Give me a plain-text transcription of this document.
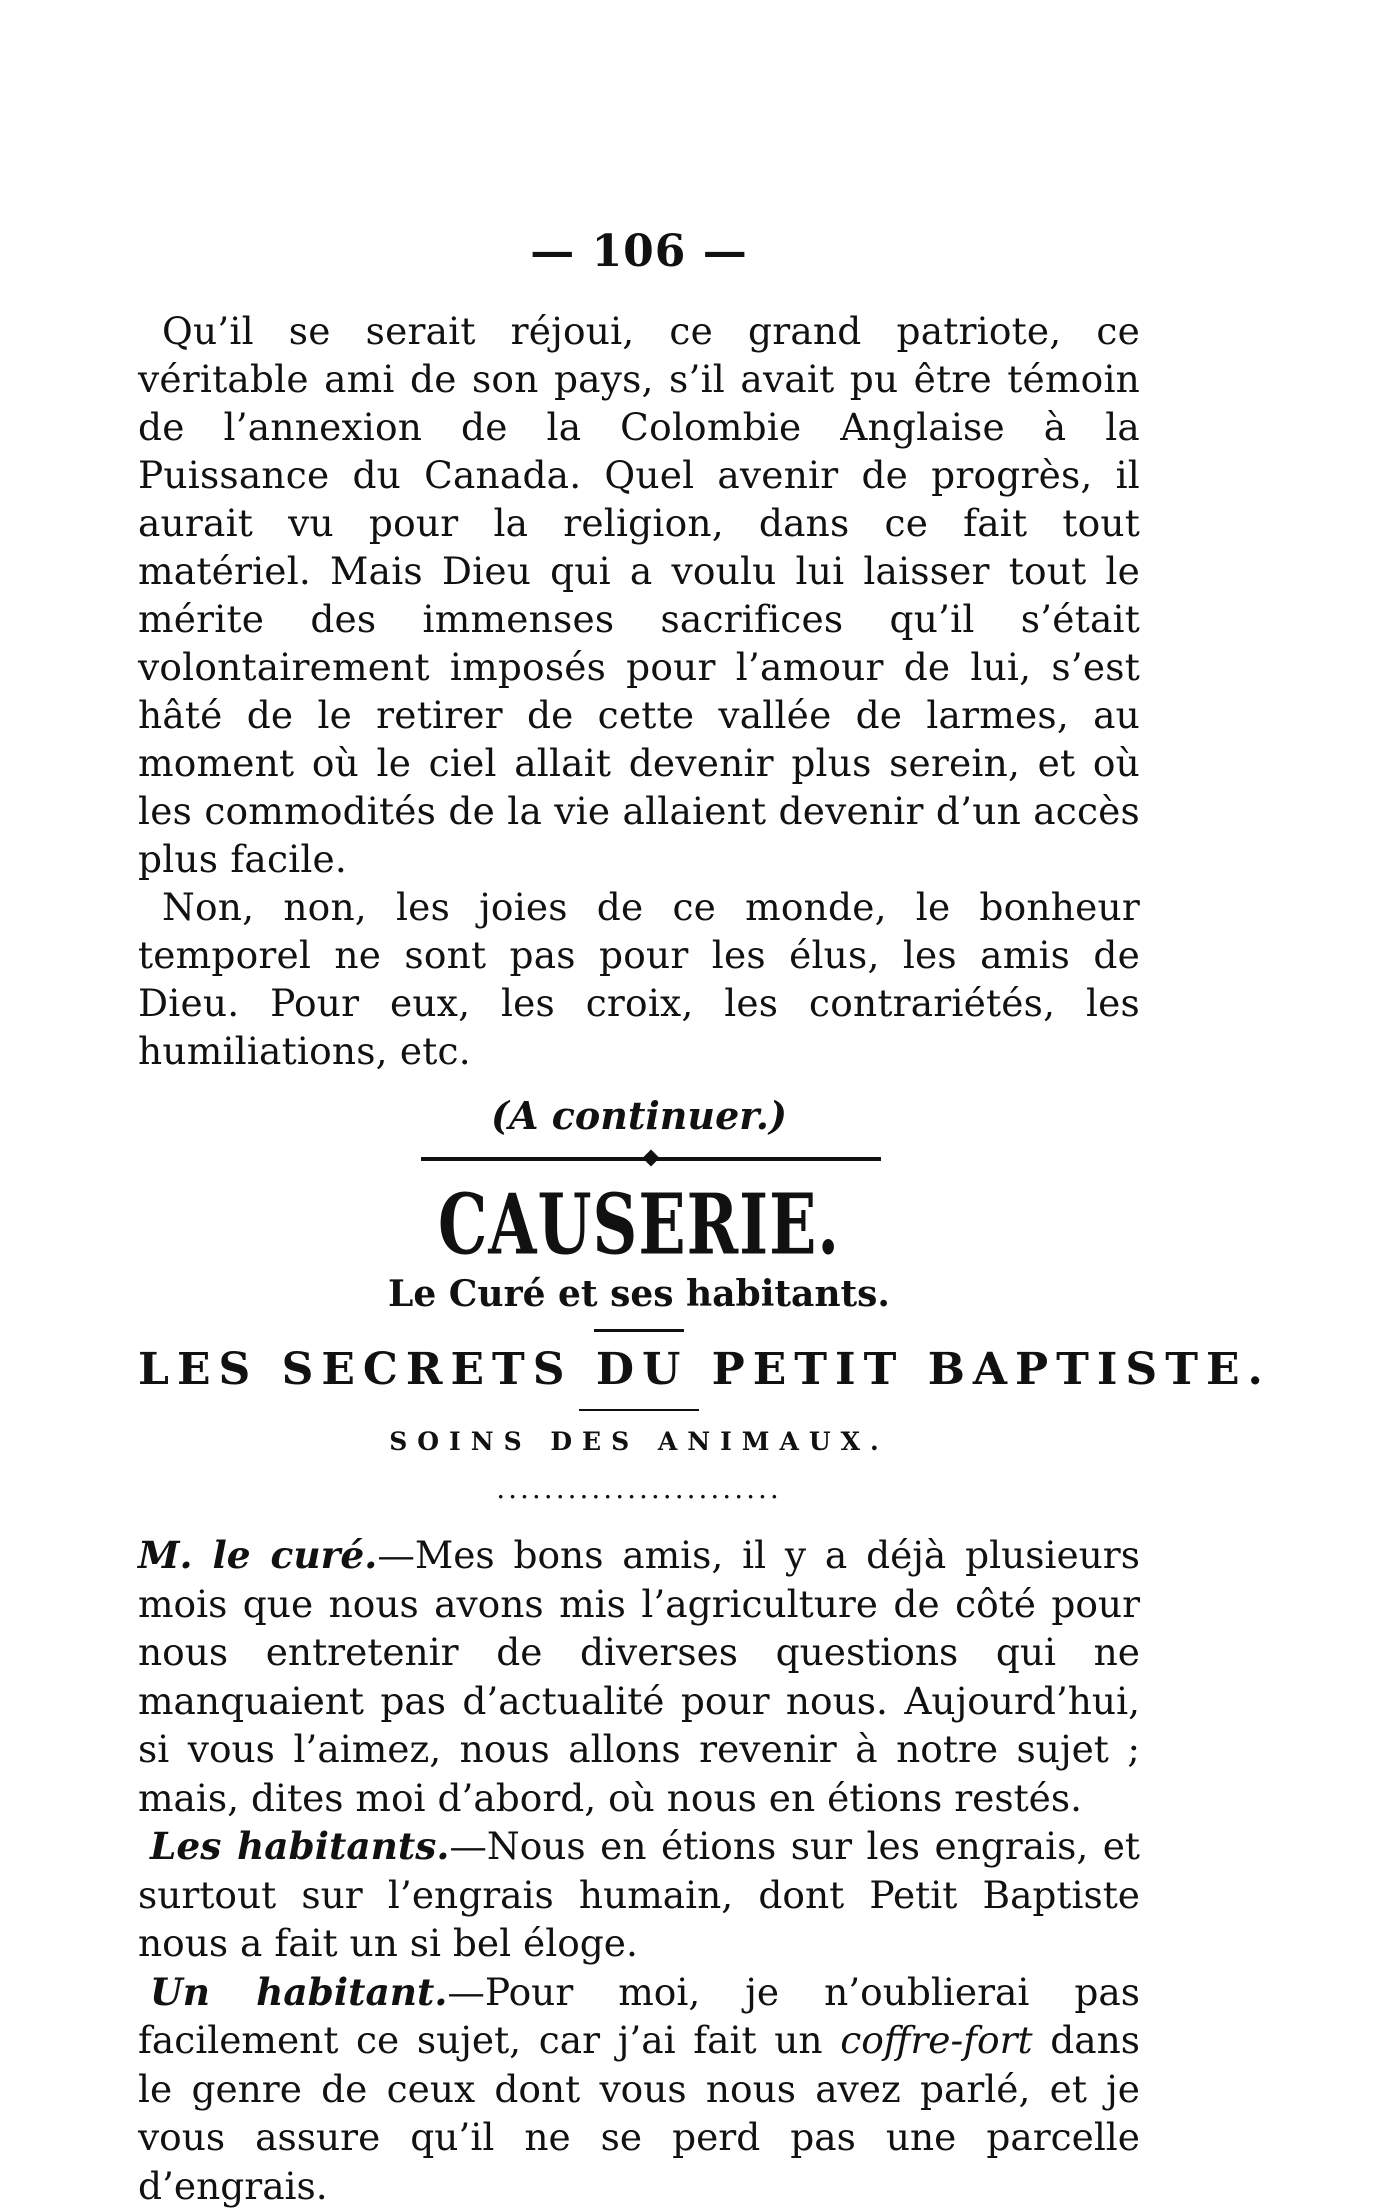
— 106 —

Qu’il se serait réjoui, ce grand patriote, ce véritable ami de son pays, s’il avait pu être témoin de l’annexion de la Colombie Anglaise à la Puissance du Canada. Quel avenir de progrès, il aurait vu pour la religion, dans ce fait tout matériel. Mais Dieu qui a voulu lui laisser tout le mérite des immenses sacrifices qu’il s’était volontairement imposés pour l’amour de lui, s’est hâté de le retirer de cette vallée de larmes, au moment où le ciel allait devenir plus serein, et où les commodités de la vie allaient devenir d’un accès plus facile.

Non, non, les joies de ce monde, le bonheur temporel ne sont pas pour les élus, les amis de Dieu. Pour eux, les croix, les contrariétés, les humiliations, etc.

(A continuer.)
CAUSERIE.
Le Curé et ses habitants.
LES SECRETS DU PETIT BAPTISTE.
SOINS DES ANIMAUX.
........................

M. le curé.—Mes bons amis, il y a déjà plusieurs mois que nous avons mis l’agriculture de côté pour nous entretenir de diverses questions qui ne manquaient pas d’actualité pour nous. Aujourd’hui, si vous l’aimez, nous allons revenir à notre sujet ; mais, dites moi d’abord, où nous en étions restés.

Les habitants.—Nous en étions sur les engrais, et surtout sur l’engrais humain, dont Petit Baptiste nous a fait un si bel éloge.

Un habitant.—Pour moi, je n’oublierai pas facilement ce sujet, car j’ai fait un coffre-fort dans le genre de ceux dont vous nous avez parlé, et je vous assure qu’il ne se perd pas une parcelle d’engrais.
